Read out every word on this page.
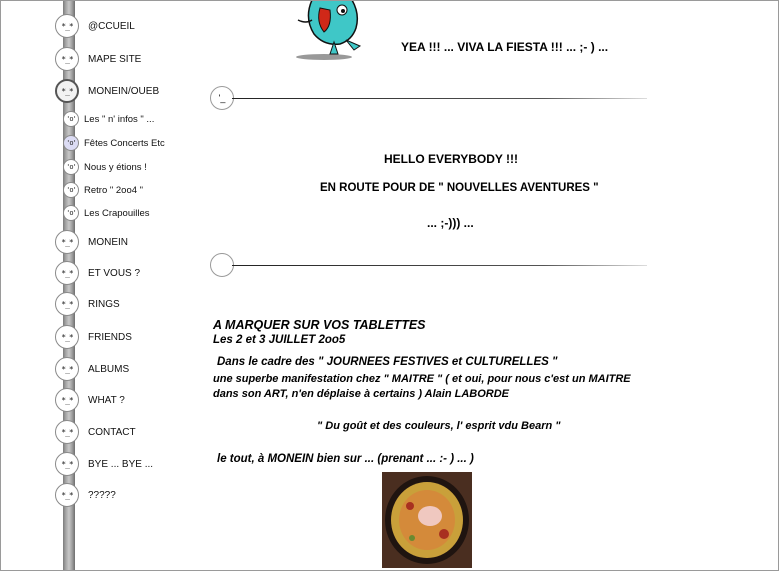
*_*	@CCUEIL
*_*	MAPE SITE
*_*	MONEIN/OUEB
'o' Les " n' infos " ...
'o' Fêtes Concerts Etc
'o' Nous y étions !
'o' Retro " 2oo4 "
'o' Les Crapouilles
*_*	MONEIN
*_*	ET VOUS ?
*_*	RINGS
*_*	FRIENDS
*_*	ALBUMS
*_*	WHAT ?
*_*	CONTACT
*_*	BYE ... BYE ...
*_*	?????
YEA !!! ... VIVA LA FIESTA !!! ... ;- ) ...
'_
HELLO EVERYBODY !!!
EN ROUTE POUR DE " NOUVELLES AVENTURES "
... ;-))) ...
A MARQUER SUR VOS TABLETTES
Les 2 et 3 JUILLET 2oo5
Dans le cadre des " JOURNEES FESTIVES et CULTURELLES "
une superbe manifestation chez " MAITRE " ( et oui, pour nous c'est un MAITRE
dans son ART, n'en déplaise à certains ) Alain LABORDE
" Du goût et des couleurs, l' esprit vdu Bearn "
le tout, à MONEIN bien sur ... (prenant ... :- ) ... )
